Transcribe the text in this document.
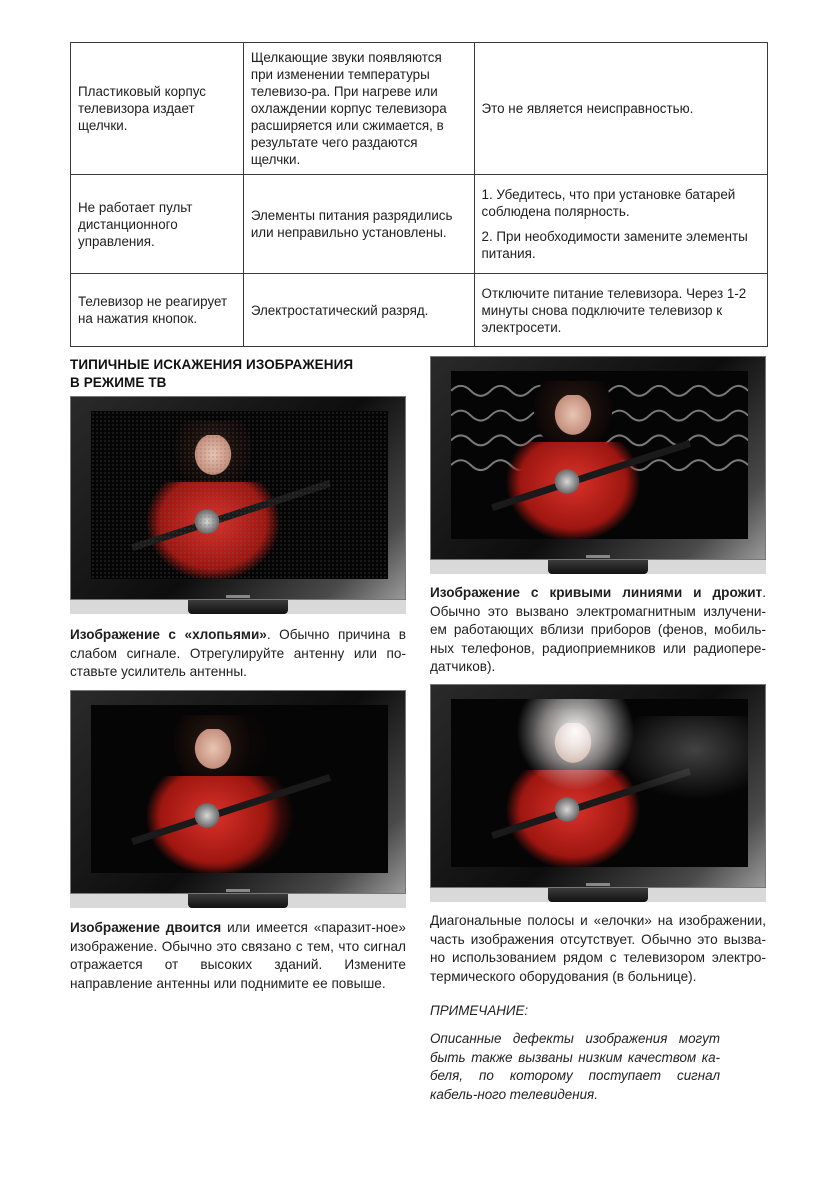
Пластиковый корпус телевизора издает щелчки.	Щелкающие звуки появляются при изменении температуры телевизо-ра. При нагреве или охлаждении корпус телевизора расширяется или сжимается, в результате чего раздаются щелчки.	Это не является неисправностью.

Не работает пульт дистанционного управления.	Элементы питания разрядились или неправильно установлены.	1. Убедитесь, что при установке батарей соблюдена полярность.

2. При необходимости замените элементы питания.

Телевизор не реагирует на нажатия кнопок.	Электростатический разряд.	Отключите питание телевизора. Через 1-2 минуты снова подключите телевизор к электросети.

ТИПИЧНЫЕ ИСКАЖЕНИЯ ИЗОБРАЖЕНИЯ
В РЕЖИМЕ ТВ

Изображение с «хлопьями». Обычно причина в слабом сигнале. Отрегулируйте антенну или по-ставьте усилитель антенны.

Изображение с кривыми линиями и дрожит. Обычно это вызвано электромагнитным излучени-ем работающих вблизи приборов (фенов, мобиль-ных телефонов, радиоприемников или радиопере-датчиков).

Изображение двоится или имеется «паразит-ное» изображение. Обычно это связано с тем, что сигнал отражается от высоких зданий. Измените направление антенны или поднимите ее повыше.

Диагональные полосы и «елочки» на изображении, часть изображения отсутствует. Обычно это вызва-но использованием рядом с телевизором электро-термического оборудования (в больнице).

ПРИМЕЧАНИЕ:

Описанные дефекты изображения могут быть также вызваны низким качеством ка-беля, по которому поступает сигнал кабель-ного телевидения.
